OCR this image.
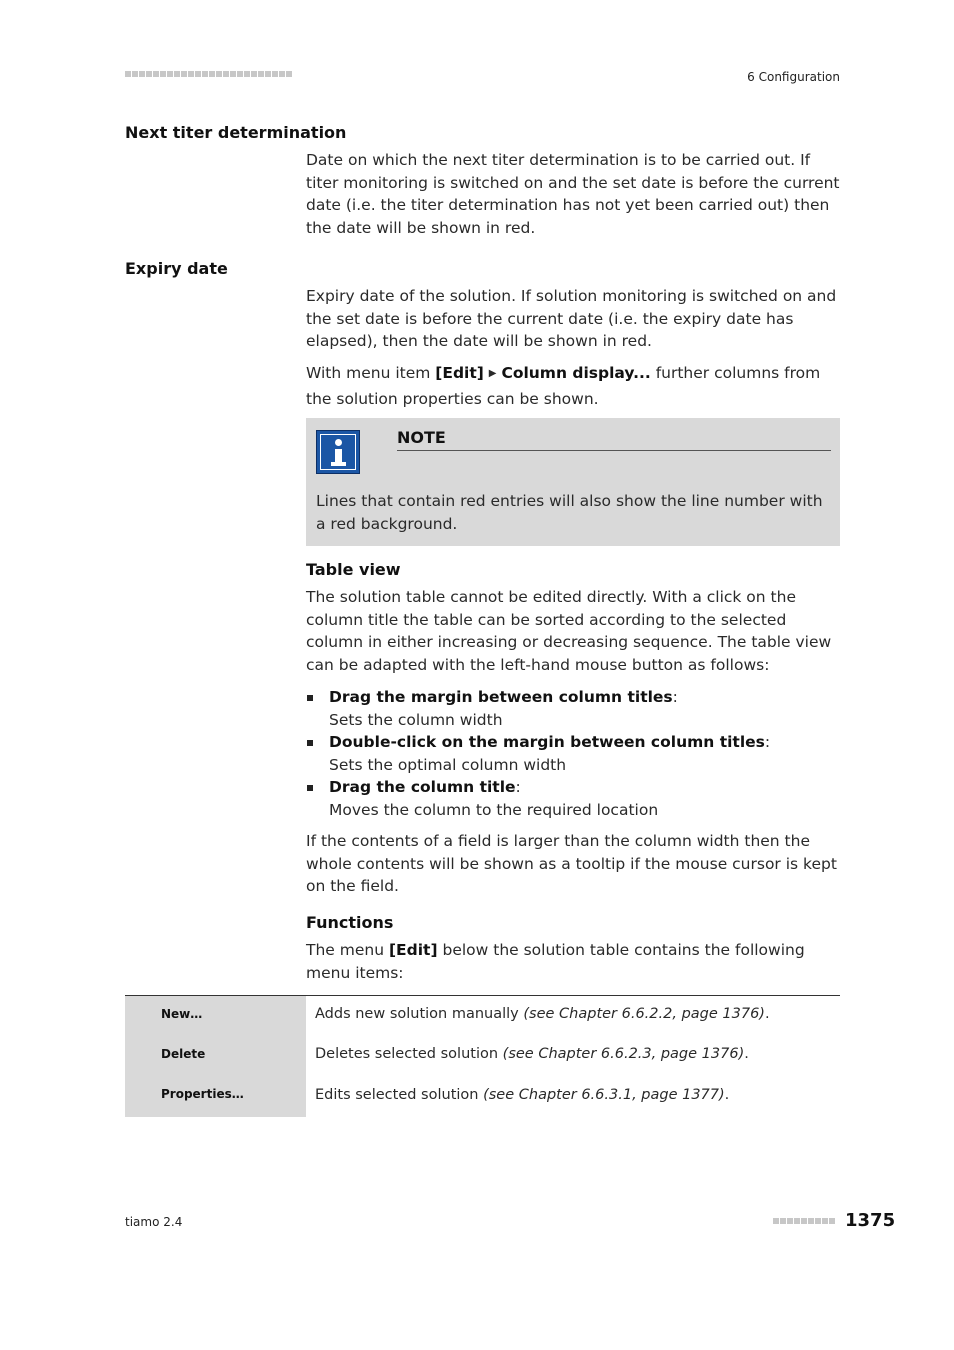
6 Configuration
Next titer determination

Date on which the next titer determination is to be carried out. If titer monitoring is switched on and the set date is before the current date (i.e. the titer determination has not yet been carried out) then the date will be shown in red.

Expiry date

Expiry date of the solution. If solution monitoring is switched on and the set date is before the current date (i.e. the expiry date has elapsed), then the date will be shown in red.

With menu item [Edit] ▶ Column display... further columns from the solution properties can be shown.

NOTE
Lines that contain red entries will also show the line number with a red background.
Table view

The solution table cannot be edited directly. With a click on the column title the table can be sorted according to the selected column in either increasing or decreasing sequence. The table view can be adapted with the left-hand mouse button as follows:

Drag the margin between column titles:
Sets the column width
Double-click on the margin between column titles:
Sets the optimal column width
Drag the column title:
Moves the column to the required location

If the contents of a field is larger than the column width then the whole contents will be shown as a tooltip if the mouse cursor is kept on the field.

Functions

The menu [Edit] below the solution table contains the following menu items:

New…	Adds new solution manually (see Chapter 6.6.2.2, page 1376).
Delete	Deletes selected solution (see Chapter 6.6.2.3, page 1376).
Properties…	Edits selected solution (see Chapter 6.6.3.1, page 1377).
tiamo 2.4	1375
